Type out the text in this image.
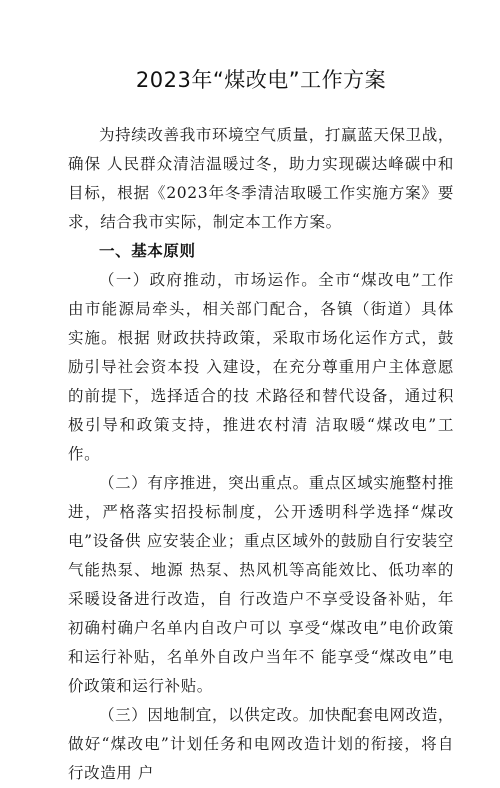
2023年“煤改电”工作方案

为持续改善我市环境空气质量，打赢蓝天保卫战，确保 人民群众清洁温暖过冬，助力实现碳达峰碳中和目标，根据《2023年冬季清洁取暖工作实施方案》要求，结合我市实际，制定本工作方案。

一、基本原则

（一）政府推动，市场运作。全市“煤改电”工作由市能源局牵头，相关部门配合，各镇（街道）具体实施。根据 财政扶持政策，采取市场化运作方式，鼓励引导社会资本投 入建设，在充分尊重用户主体意愿的前提下，选择适合的技 术路径和替代设备，通过积极引导和政策支持，推进农村清 洁取暖“煤改电”工作。

（二）有序推进，突出重点。重点区域实施整村推进，严格落实招投标制度，公开透明科学选择“煤改电”设备供 应安装企业；重点区域外的鼓励自行安装空气能热泵、地源 热泵、热风机等高能效比、低功率的采暖设备进行改造，自 行改造户不享受设备补贴，年初确村确户名单内自改户可以 享受“煤改电”电价政策和运行补贴，名单外自改户当年不 能享受“煤改电”电价政策和运行补贴。

（三）因地制宜，以供定改。加快配套电网改造，做好“煤改电”计划任务和电网改造计划的衔接，将自行改造用 户
